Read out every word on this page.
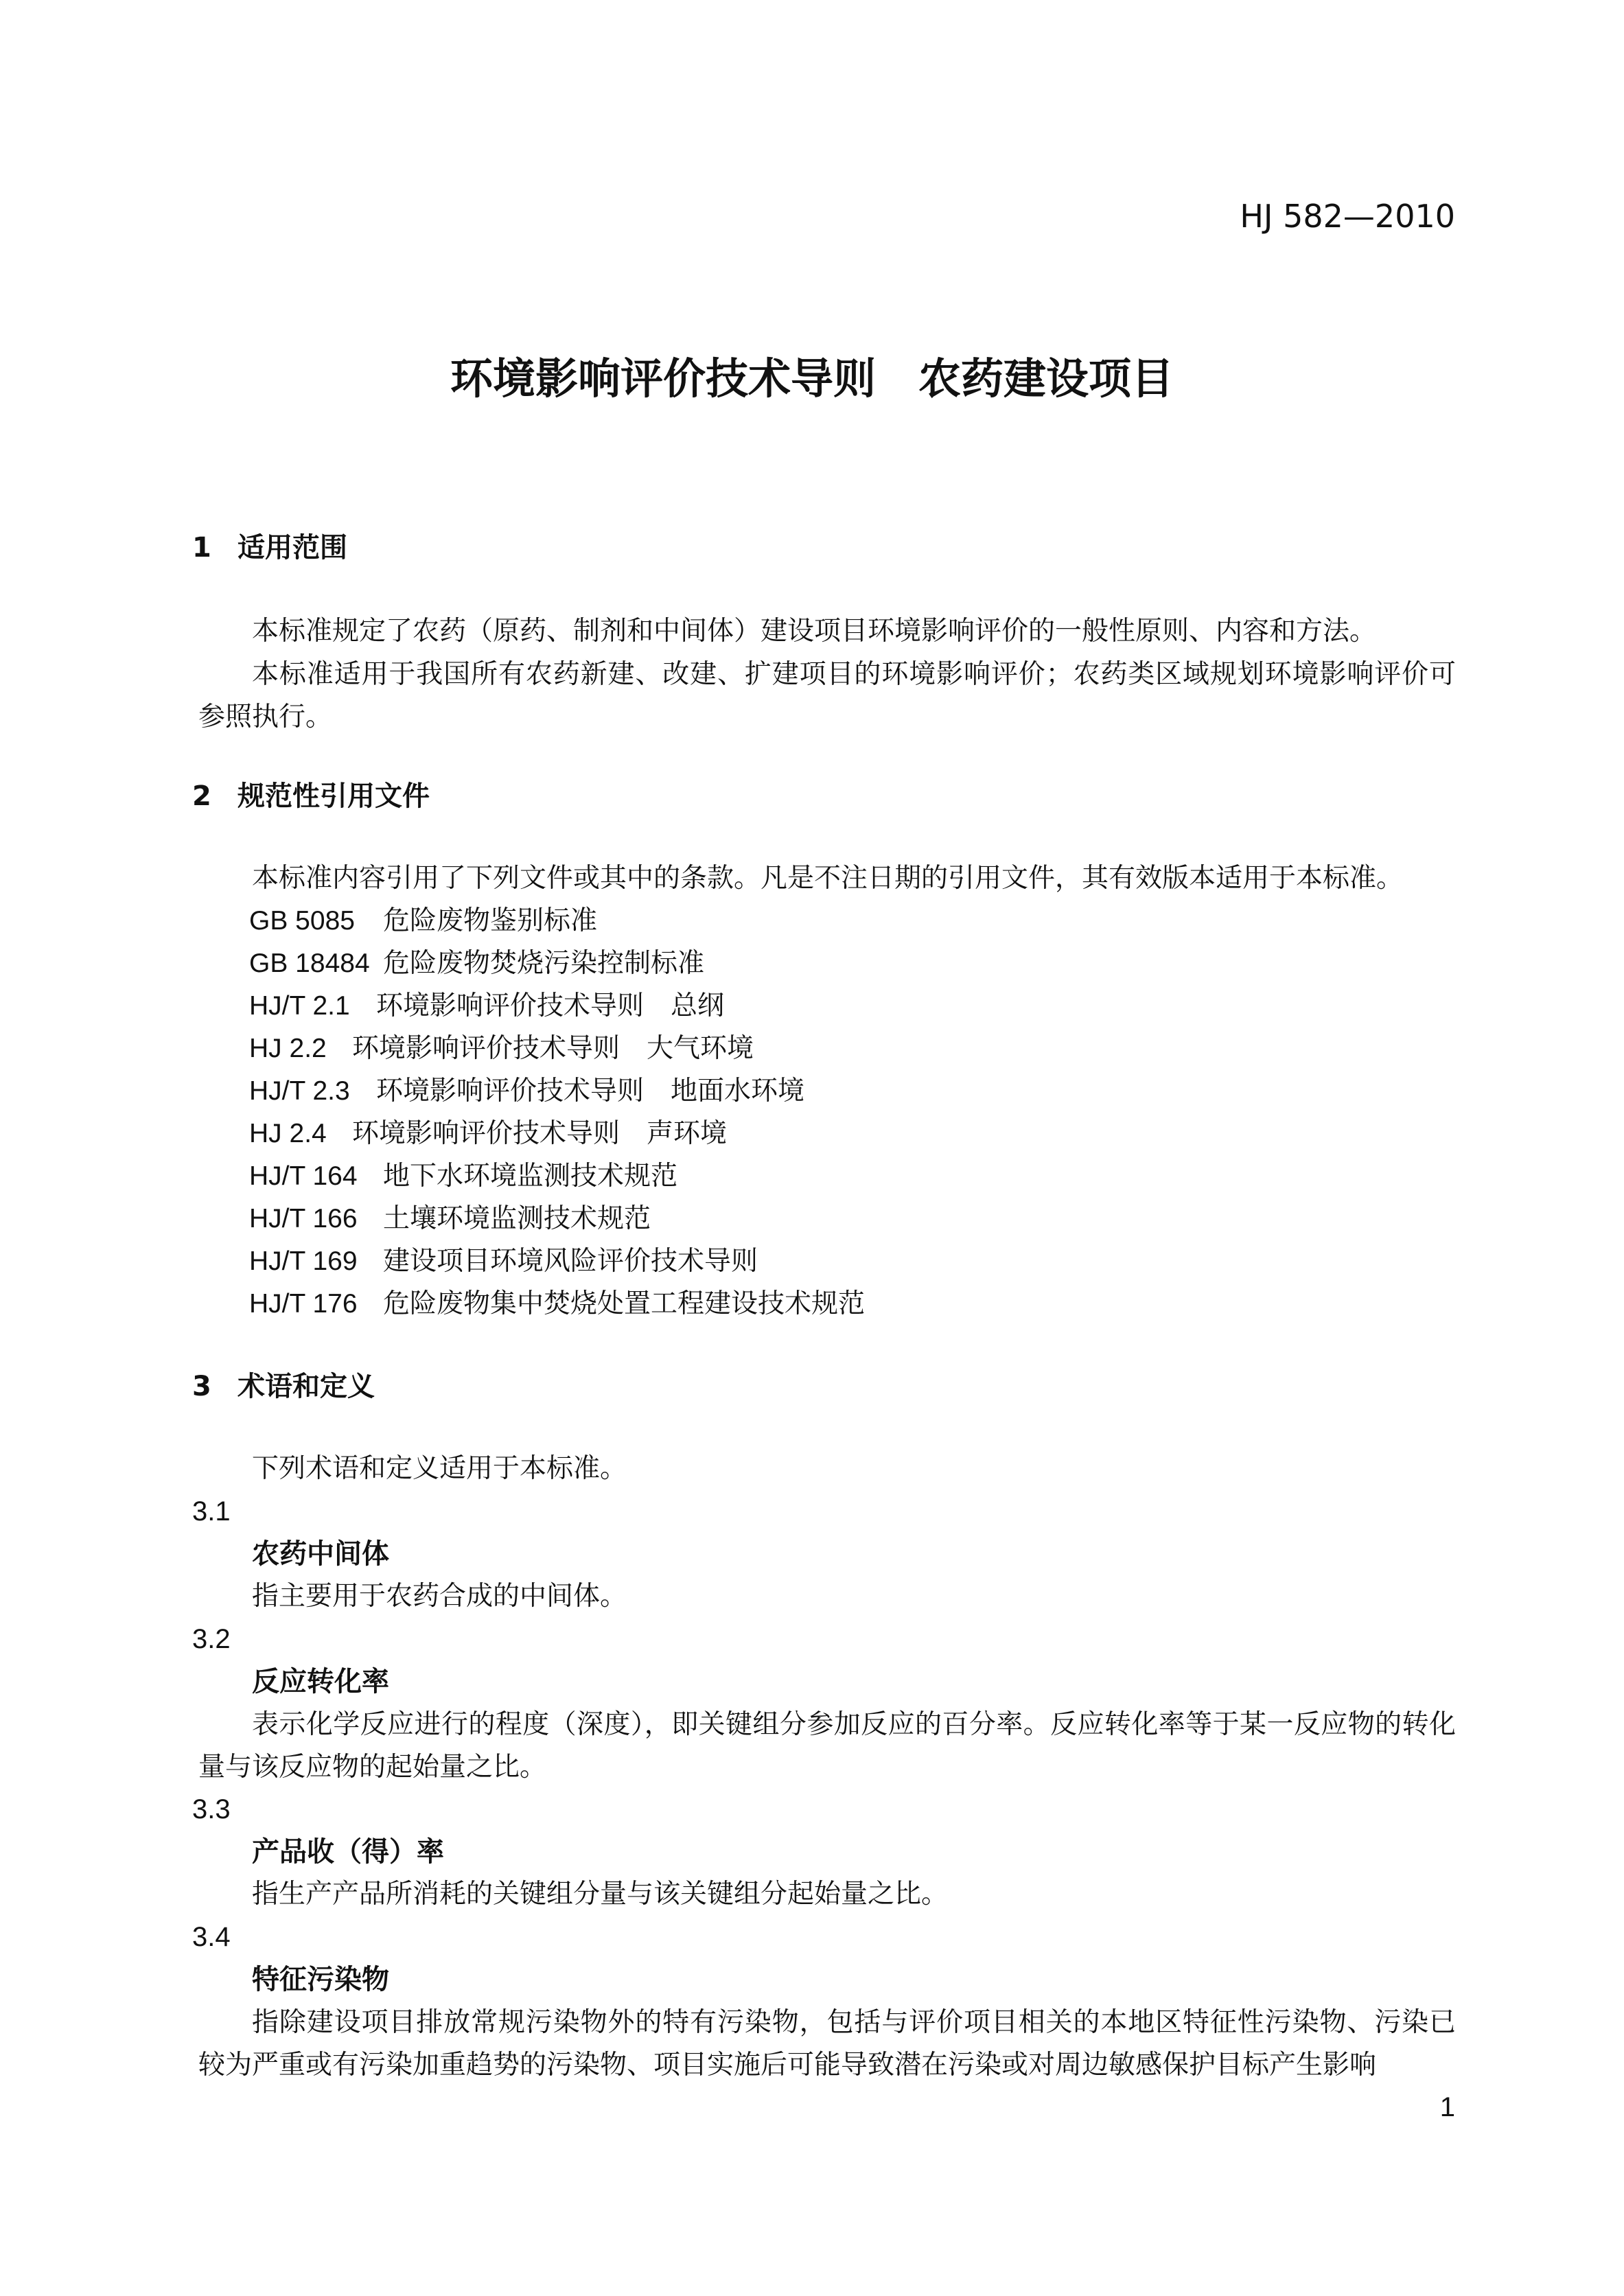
HJ 582—2010
环境影响评价技术导则　农药建设项目
1 适用范围
本标准规定了农药（原药、制剂和中间体）建设项目环境影响评价的一般性原则、内容和方法。
本标准适用于我国所有农药新建、改建、扩建项目的环境影响评价；农药类区域规划环境影响评价可参照执行。
2 规范性引用文件
本标准内容引用了下列文件或其中的条款。凡是不注日期的引用文件，其有效版本适用于本标准。
GB 5085 危险废物鉴别标准
GB 18484 危险废物焚烧污染控制标准
HJ/T 2.1 环境影响评价技术导则　总纲
HJ 2.2 环境影响评价技术导则　大气环境
HJ/T 2.3 环境影响评价技术导则　地面水环境
HJ 2.4 环境影响评价技术导则　声环境
HJ/T 164 地下水环境监测技术规范
HJ/T 166 土壤环境监测技术规范
HJ/T 169 建设项目环境风险评价技术导则
HJ/T 176 危险废物集中焚烧处置工程建设技术规范
3 术语和定义
下列术语和定义适用于本标准。
3.1
农药中间体
指主要用于农药合成的中间体。
3.2
反应转化率
表示化学反应进行的程度（深度），即关键组分参加反应的百分率。反应转化率等于某一反应物的转化量与该反应物的起始量之比。
3.3
产品收（得）率
指生产产品所消耗的关键组分量与该关键组分起始量之比。
3.4
特征污染物
指除建设项目排放常规污染物外的特有污染物，包括与评价项目相关的本地区特征性污染物、污染已较为严重或有污染加重趋势的污染物、项目实施后可能导致潜在污染或对周边敏感保护目标产生影响
1
